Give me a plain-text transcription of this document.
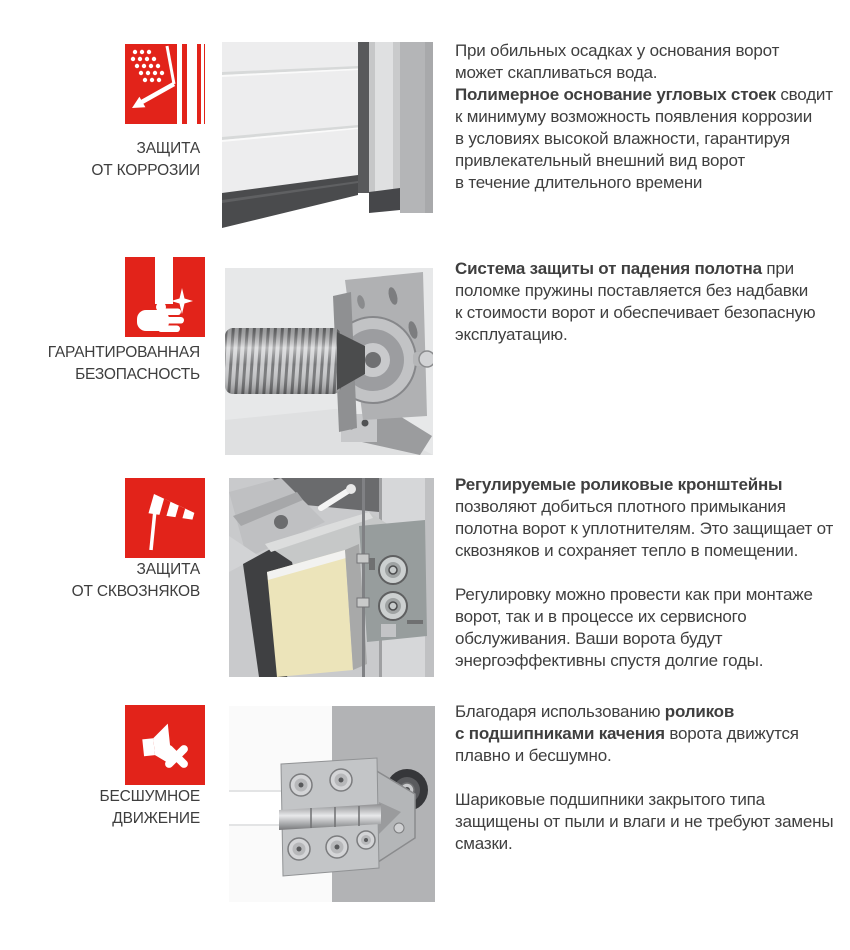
ЗАЩИТА
ОТ КОРРОЗИИ

При обильных осадках у основания ворот
может скапливаться вода.
Полимерное основание угловых стоек сводит
к минимуму возможность появления коррозии
в условиях высокой влажности, гарантируя
привлекательный внешний вид ворот
в течение длительного времени

ГАРАНТИРОВАННАЯ
БЕЗОПАСНОСТЬ

Система защиты от падения полотна при
поломке пружины поставляется без надбавки
к стоимости ворот и обеспечивает безопасную
эксплуатацию.

ЗАЩИТА
ОТ СКВОЗНЯКОВ

Регулируемые роликовые кронштейны
позволяют добиться плотного примыкания
полотна ворот к уплотнителям. Это защищает от
сквозняков и сохраняет тепло в помещении.

Регулировку можно провести как при монтаже
ворот, так и в процессе их сервисного
обслуживания. Ваши ворота будут
энергоэффективны спустя долгие годы.

БЕСШУМНОЕ
ДВИЖЕНИЕ

Благодаря использованию роликов
с подшипниками качения ворота движутся
плавно и бесшумно.

Шариковые подшипники закрытого типа
защищены от пыли и влаги и не требуют замены
смазки.
